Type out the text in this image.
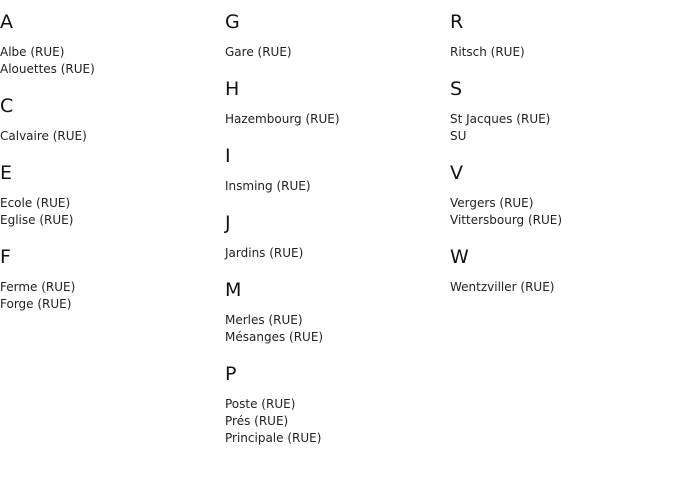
A
Albe (RUE)
Alouettes (RUE)
C
Calvaire (RUE)
E
Ecole (RUE)
Eglise (RUE)
F
Ferme (RUE)
Forge (RUE)
G
Gare (RUE)
H
Hazembourg (RUE)
I
Insming (RUE)
J
Jardins (RUE)
M
Merles (RUE)
Mésanges (RUE)
P
Poste (RUE)
Prés (RUE)
Principale (RUE)
R
Ritsch (RUE)
S
St Jacques (RUE)
SU
V
Vergers (RUE)
Vittersbourg (RUE)
W
Wentzviller (RUE)
